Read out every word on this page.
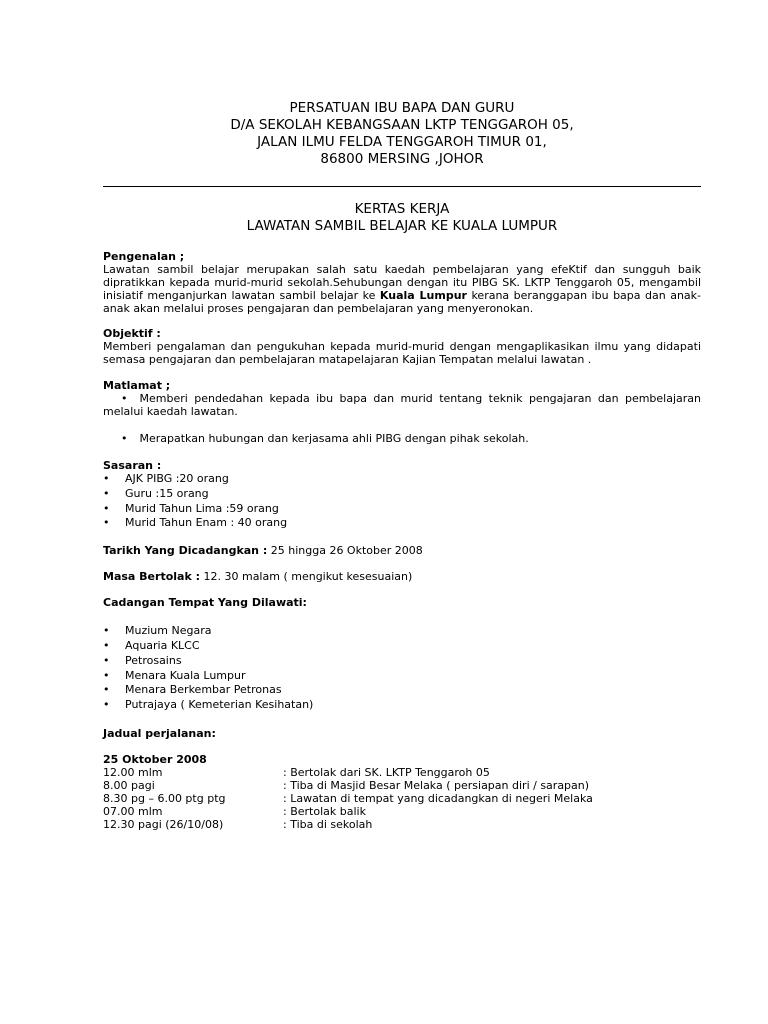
PERSATUAN IBU BAPA DAN GURU
D/A SEKOLAH KEBANGSAAN LKTP TENGGAROH 05,
JALAN ILMU FELDA TENGGAROH TIMUR 01,
86800 MERSING ,JOHOR
KERTAS KERJA
LAWATAN SAMBIL BELAJAR KE KUALA LUMPUR
Pengenalan ;
Lawatan sambil belajar merupakan salah satu kaedah pembelajaran yang efeKtif dan sungguh baik dipratikkan kepada murid-murid sekolah.Sehubungan dengan itu PIBG SK. LKTP Tenggaroh 05, mengambil inisiatif menganjurkan lawatan sambil belajar ke Kuala Lumpur kerana beranggapan ibu bapa dan anak-anak akan melalui proses pengajaran dan pembelajaran yang menyeronokan.
Objektif :
Memberi pengalaman dan pengukuhan kepada murid-murid dengan mengaplikasikan ilmu yang didapati semasa pengajaran dan pembelajaran matapelajaran Kajian Tempatan melalui lawatan .
Matlamat ;
• Memberi pendedahan kepada ibu bapa dan murid tentang teknik pengajaran dan pembelajaran melalui kaedah lawatan.
• Merapatkan hubungan dan kerjasama ahli PIBG dengan pihak sekolah.
Sasaran :
• AJK PIBG :20 orang
• Guru :15 orang
• Murid Tahun Lima :59 orang
• Murid Tahun Enam : 40 orang
Tarikh Yang Dicadangkan : 25 hingga 26 Oktober 2008
Masa Bertolak : 12. 30 malam ( mengikut kesesuaian)
Cadangan Tempat Yang Dilawati:
• Muzium Negara
• Aquaria KLCC
• Petrosains
• Menara Kuala Lumpur
• Menara Berkembar Petronas
• Putrajaya ( Kemeterian Kesihatan)
Jadual perjalanan:
25 Oktober 2008
12.00 mlm	: Bertolak dari SK. LKTP Tenggaroh 05
8.00 pagi	: Tiba di Masjid Besar Melaka ( persiapan diri / sarapan)
8.30 pg – 6.00 ptg ptg	: Lawatan di tempat yang dicadangkan di negeri Melaka
07.00 mlm	: Bertolak balik
12.30 pagi (26/10/08)	: Tiba di sekolah
